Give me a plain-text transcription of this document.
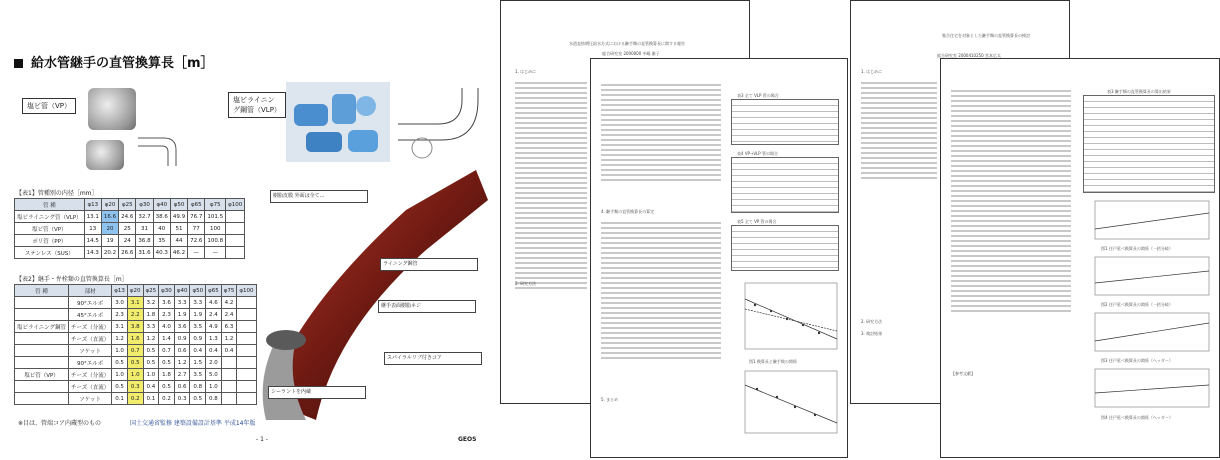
給水管継手の直管換算長［m］
塩ビ管（VP）
塩ビライニング鋼管（VLP）
【表1】管種別の内径［mm］
管 種	φ13	φ20	φ25	φ30	φ40	φ50	φ65	φ75	φ100
塩ビライニング管（VLP）	13.1	16.6	24.6	32.7	38.6	49.9	76.7	101.5	
塩ビ管（VP）	13	20	25	31	40	51	77	100	
ポリ管（PP）	14.5	19	24	36.8	35	44	72.6	100.8	
ステンレス（SUS）	14.3	20.2	26.6	31.6	40.3	46.2	—	—	
【表2】継手・弁栓類の直管換算長［m］
管 種	部材	φ13	φ20	φ25	φ30	φ40	φ50	φ65	φ75	φ100
	90°エルボ	3.0	3.1	3.2	3.6	3.3	3.3	4.6	4.2	
	45°エルボ	2.3	2.2	1.8	2.3	1.9	1.9	2.4	2.4	
塩ビライニング鋼管	チーズ（分流）	3.1	3.8	3.3	4.0	3.6	3.5	4.9	6.3	
	チーズ（直流）	1.2	1.6	1.2	1.4	0.9	0.9	1.3	1.2	
	ソケット	1.0	0.7	0.5	0.7	0.6	0.4	0.4	0.4	
	90°エルボ	0.5	0.5	0.5	0.5	1.2	1.5	2.0		
塩ビ管（VP）	チーズ（分流）	1.0	1.0	1.0	1.8	2.7	3.5	5.0		
	チーズ（直流）	0.5	0.3	0.4	0.5	0.6	0.8	1.0		
	ソケット	0.1	0.2	0.1	0.2	0.3	0.5	0.8		
樹脂皮膜 外面は全て…
ライニング鋼管
継手表面樹脂ネジ
スパイラルリブ付きコア
シーラントを内蔵
※目は、管端コア内蔵型のもの	国土交通省監修 建築設備設計基準 平成14年版
- 1 -	GEOS
水道直結増圧給水方式における継手類の直管換算長に関する報告
総合研究室 2000000 中嶋 雅子
1. はじめに
2. 研究方法
4. 継手類の直管換算長の算定
5. まとめ
表3 全て VLP 管の場合
表4 VP→VLP 管の場合
表5 全て VP 管の場合
図1 換算長と継手数の関係
集合住宅を対象とした継手類の直管換算長の検討
総合研究室 2000410250 宮本広太
1. はじめに
2. 研究方法
3. 検討結果
【参考文献】
表3 継手類の直管換算長の算出結果
図1 住戸延べ換算長の関係（一括分岐）
図2 住戸延べ換算長の関係（一括分岐）
図3 住戸延べ換算長の関係（ヘッダー）
図4 住戸延べ換算長の関係（ヘッダー）
